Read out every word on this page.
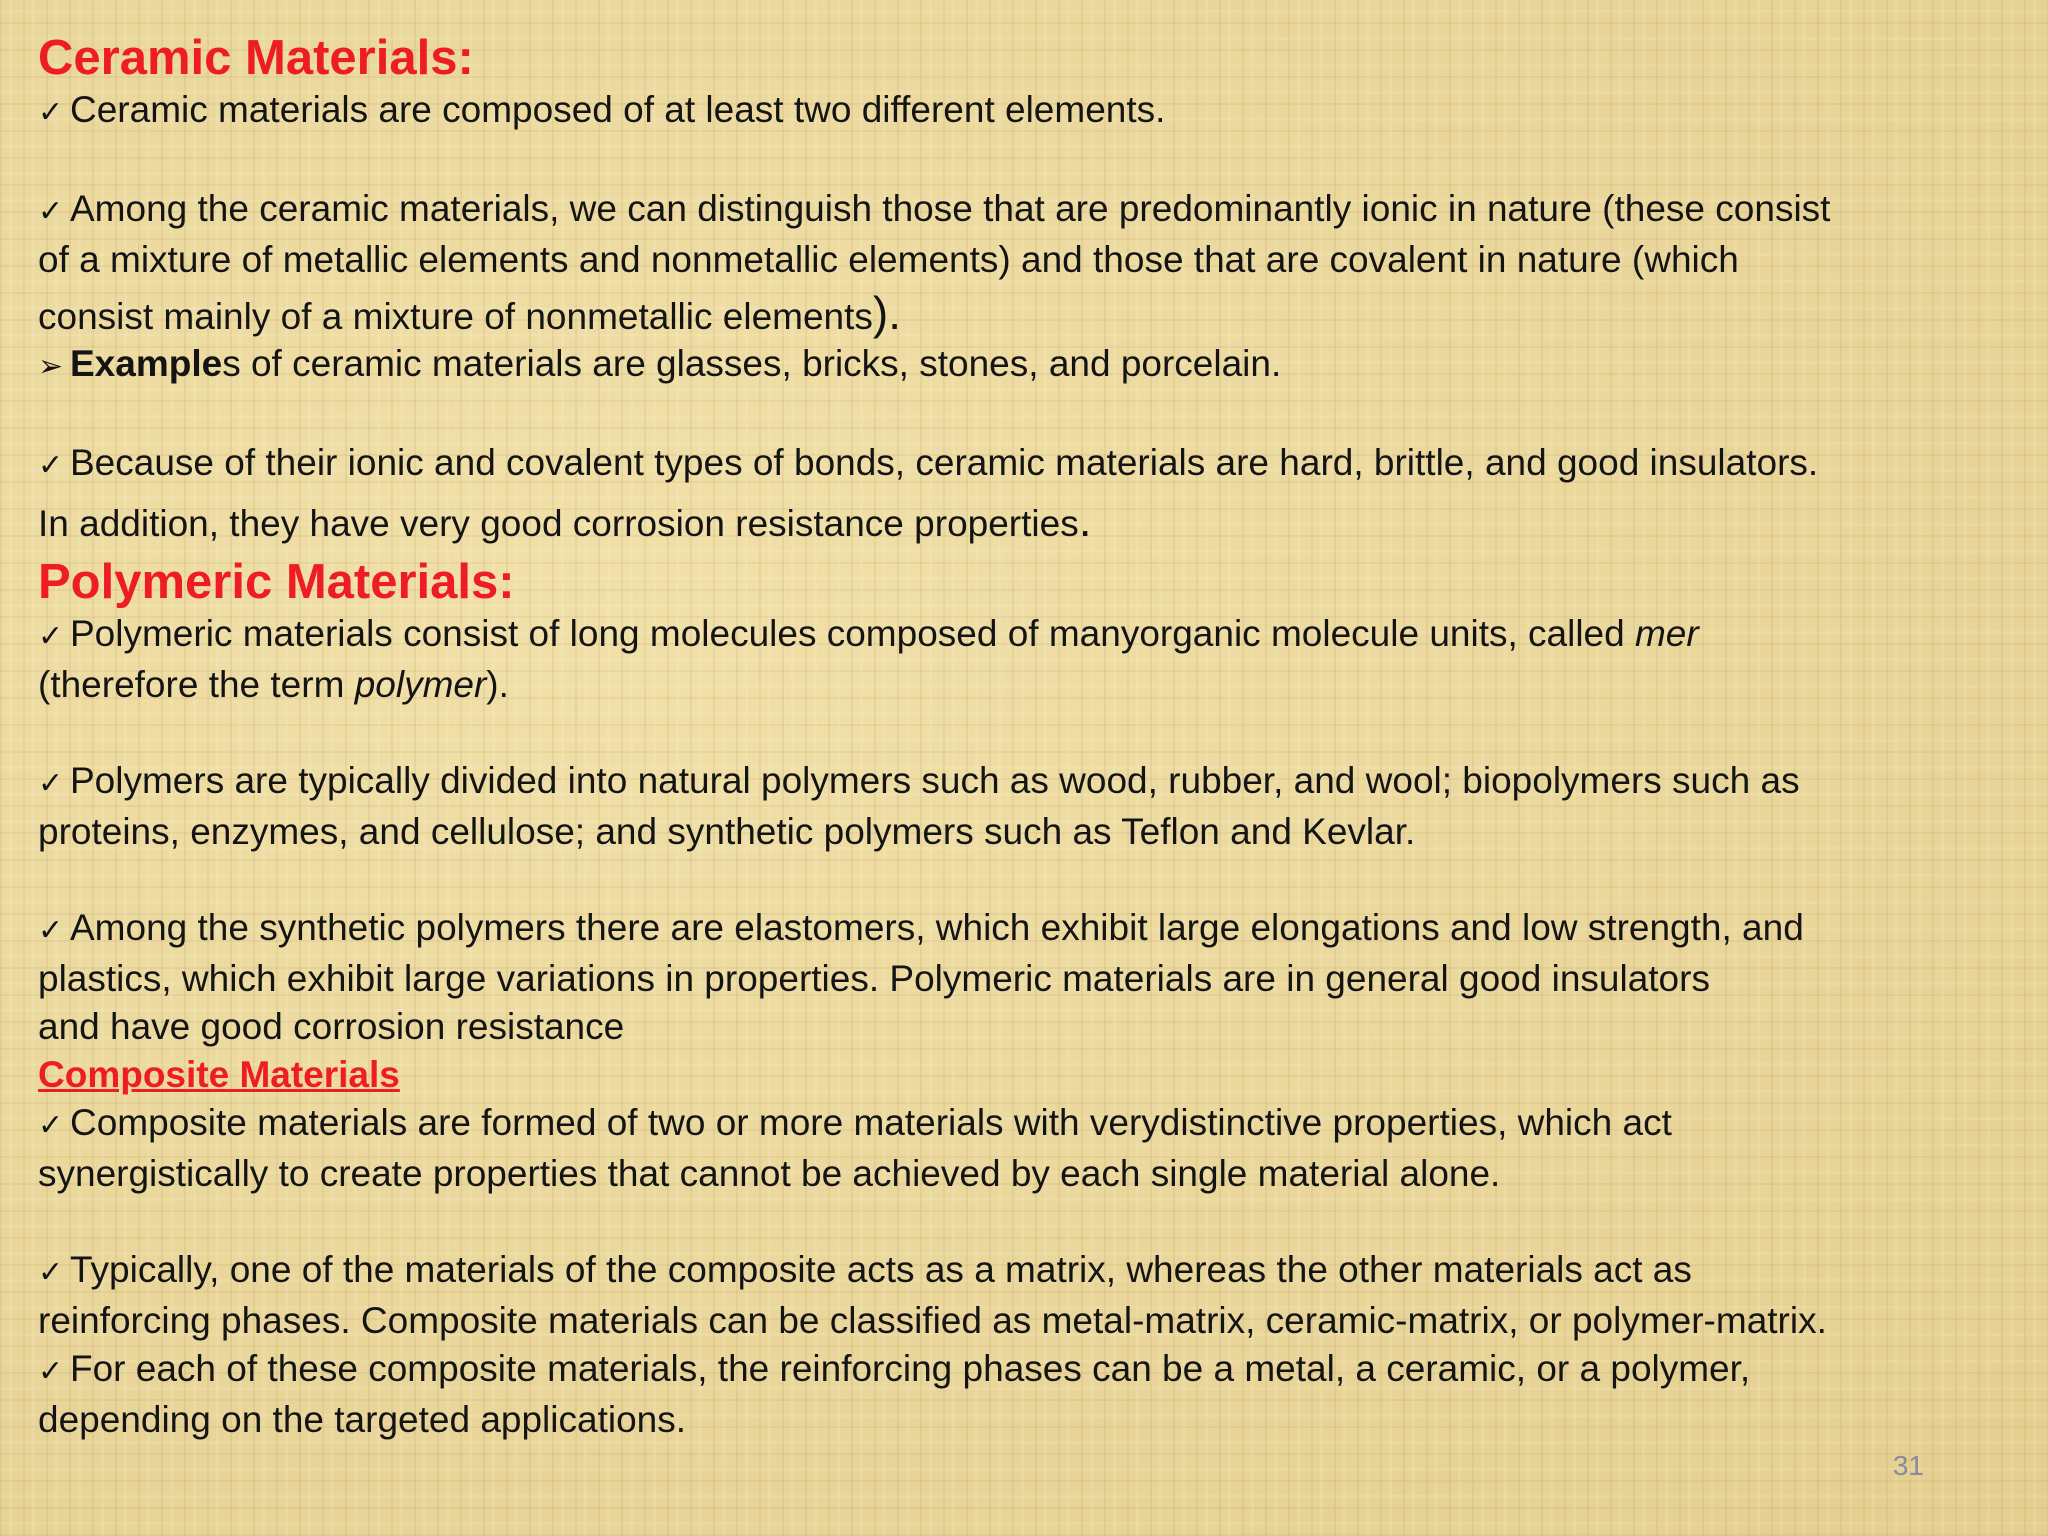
Ceramic Materials:
✓ Ceramic materials are composed of at least two different elements.
✓ Among the ceramic materials, we can distinguish those that are predominantly ionic in nature (these consist
of a mixture of metallic elements and nonmetallic elements) and those that are covalent in nature (which
consist mainly of a mixture of nonmetallic elements).
➢ Examples of ceramic materials are glasses, bricks, stones, and porcelain.
✓ Because of their ionic and covalent types of bonds, ceramic materials are hard, brittle, and good insulators.
In addition, they have very good corrosion resistance properties.
Polymeric Materials:
✓ Polymeric materials consist of long molecules composed of manyorganic molecule units, called mer
(therefore the term polymer).
✓ Polymers are typically divided into natural polymers such as wood, rubber, and wool; biopolymers such as
proteins, enzymes, and cellulose; and synthetic polymers such as Teflon and Kevlar.
✓ Among the synthetic polymers there are elastomers, which exhibit large elongations and low strength, and
plastics, which exhibit large variations in properties. Polymeric materials are in general good insulators
and have good corrosion resistance
Composite Materials
✓ Composite materials are formed of two or more materials with verydistinctive properties, which act
synergistically to create properties that cannot be achieved by each single material alone.
✓ Typically, one of the materials of the composite acts as a matrix, whereas the other materials act as
reinforcing phases. Composite materials can be classified as metal-matrix, ceramic-matrix, or polymer-matrix.
✓ For each of these composite materials, the reinforcing phases can be a metal, a ceramic, or a polymer,
depending on the targeted applications.
31
